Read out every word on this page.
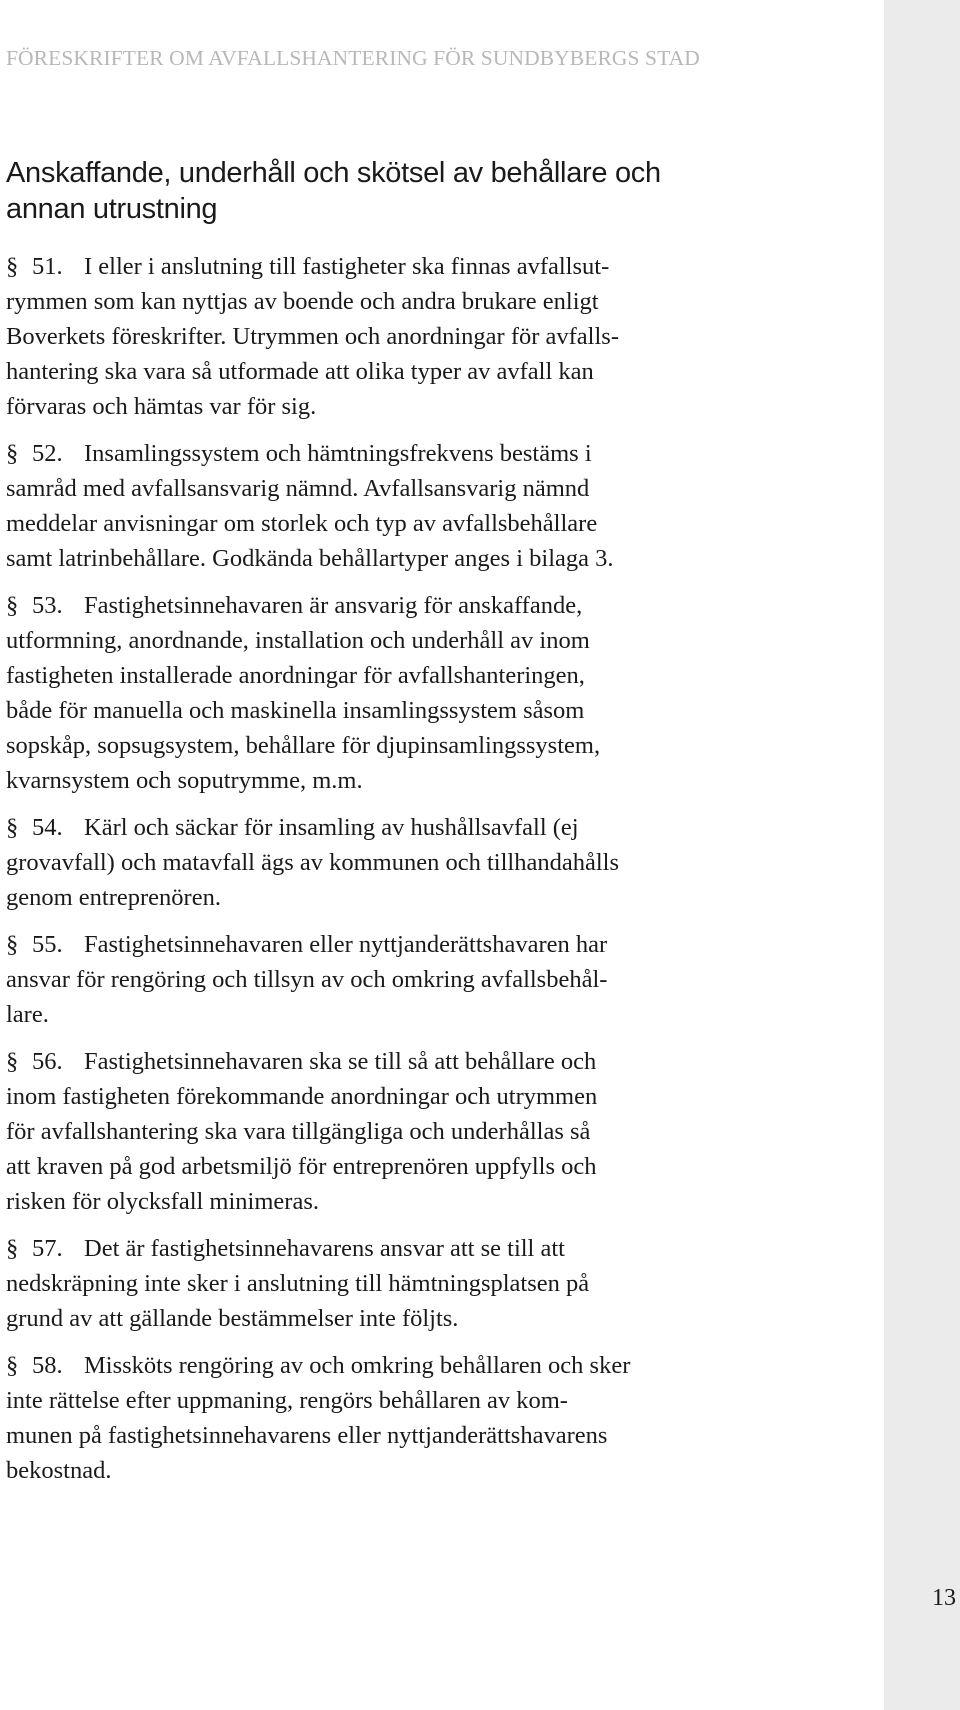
FÖRESKRIFTER OM AVFALLSHANTERING FÖR SUNDBYBERGS STAD
Anskaffande, underhåll och skötsel av behållare och
annan utrustning
§ 51. I eller i anslutning till fastigheter ska finnas avfallsut-
rymmen som kan nyttjas av boende och andra brukare enligt
Boverkets föreskrifter. Utrymmen och anordningar för avfalls-
hantering ska vara så utformade att olika typer av avfall kan
förvaras och hämtas var för sig.
§ 52. Insamlingssystem och hämtningsfrekvens bestäms i
samråd med avfallsansvarig nämnd. Avfallsansvarig nämnd
meddelar anvisningar om storlek och typ av avfallsbehållare
samt latrinbehållare. Godkända behållartyper anges i bilaga 3.
§ 53. Fastighetsinnehavaren är ansvarig för anskaffande,
utformning, anordnande, installation och underhåll av inom
fastigheten installerade anordningar för avfallshanteringen,
både för manuella och maskinella insamlingssystem såsom
sopskåp, sopsugsystem, behållare för djupinsamlingssystem,
kvarnsystem och soputrymme, m.m.
§ 54. Kärl och säckar för insamling av hushållsavfall (ej
grovavfall) och matavfall ägs av kommunen och tillhandahålls
genom entreprenören.
§ 55. Fastighetsinnehavaren eller nyttjanderättshavaren har
ansvar för rengöring och tillsyn av och omkring avfallsbehål-
lare.
§ 56. Fastighetsinnehavaren ska se till så att behållare och
inom fastigheten förekommande anordningar och utrymmen
för avfallshantering ska vara tillgängliga och underhållas så
att kraven på god arbetsmiljö för entreprenören uppfylls och
risken för olycksfall minimeras.
§ 57. Det är fastighetsinnehavarens ansvar att se till att
nedskräpning inte sker i anslutning till hämtningsplatsen på
grund av att gällande bestämmelser inte följts.
§ 58. Missköts rengöring av och omkring behållaren och sker
inte rättelse efter uppmaning, rengörs behållaren av kom-
munen på fastighetsinnehavarens eller nyttjanderättshavarens
bekostnad.
13
